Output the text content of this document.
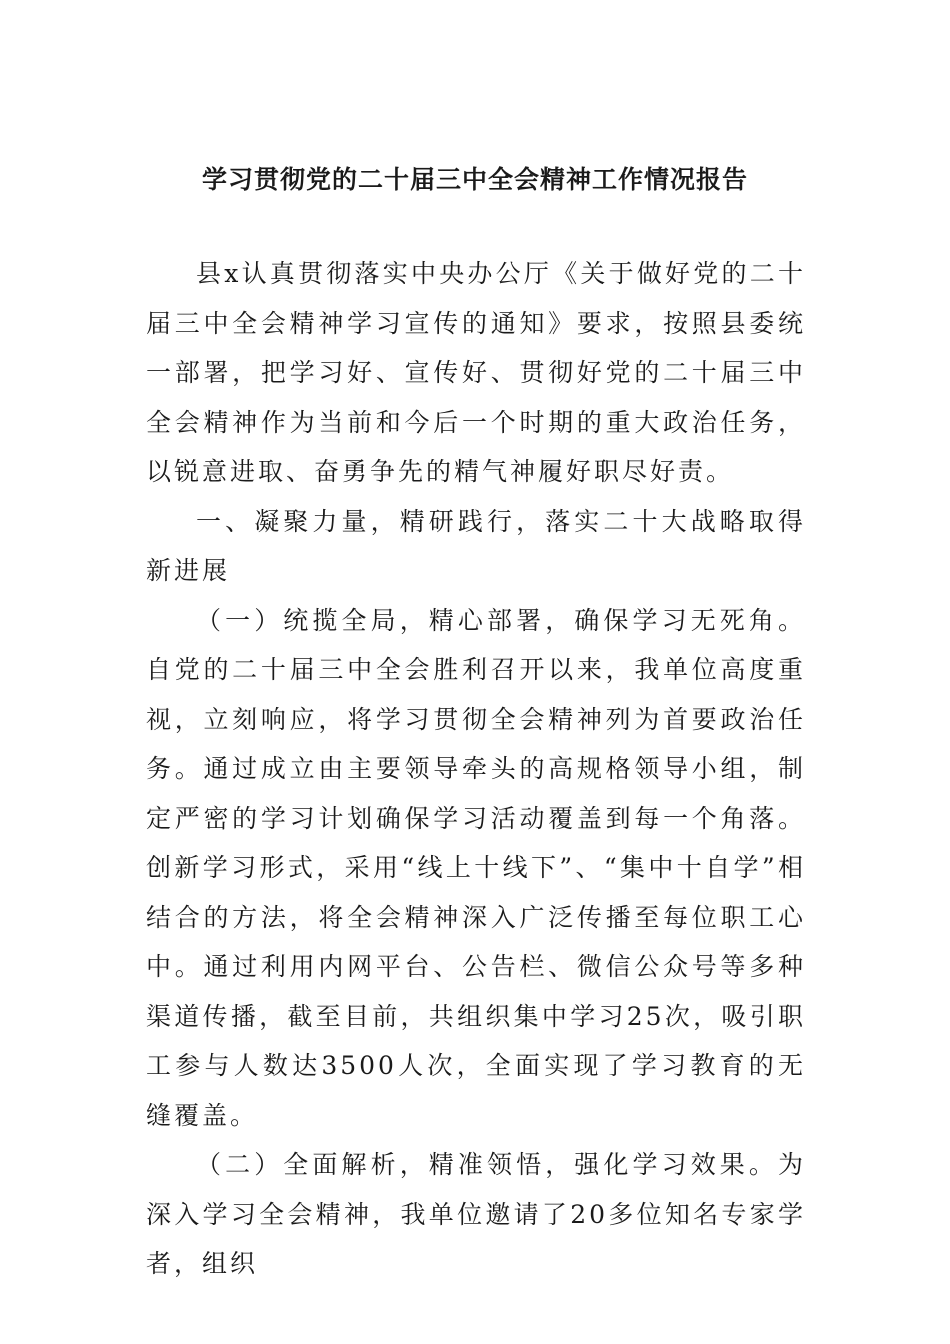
学习贯彻党的二十届三中全会精神工作情况报告

县x认真贯彻落实中央办公厅《关于做好党的二十届三中全会精神学习宣传的通知》要求，按照县委统一部署，把学习好、宣传好、贯彻好党的二十届三中全会精神作为当前和今后一个时期的重大政治任务，以锐意进取、奋勇争先的精气神履好职尽好责。

一、凝聚力量，精研践行，落实二十大战略取得新进展

（一）统揽全局，精心部署，确保学习无死角。自党的二十届三中全会胜利召开以来，我单位高度重视，立刻响应，将学习贯彻全会精神列为首要政治任务。通过成立由主要领导牵头的高规格领导小组，制定严密的学习计划确保学习活动覆盖到每一个角落。创新学习形式，采用“线上十线下”、“集中十自学”相结合的方法，将全会精神深入广泛传播至每位职工心中。通过利用内网平台、公告栏、微信公众号等多种渠道传播，截至目前，共组织集中学习25次，吸引职工参与人数达3500人次，全面实现了学习教育的无缝覆盖。

（二）全面解析，精准领悟，强化学习效果。为深入学习全会精神，我单位邀请了20多位知名专家学者，组织
